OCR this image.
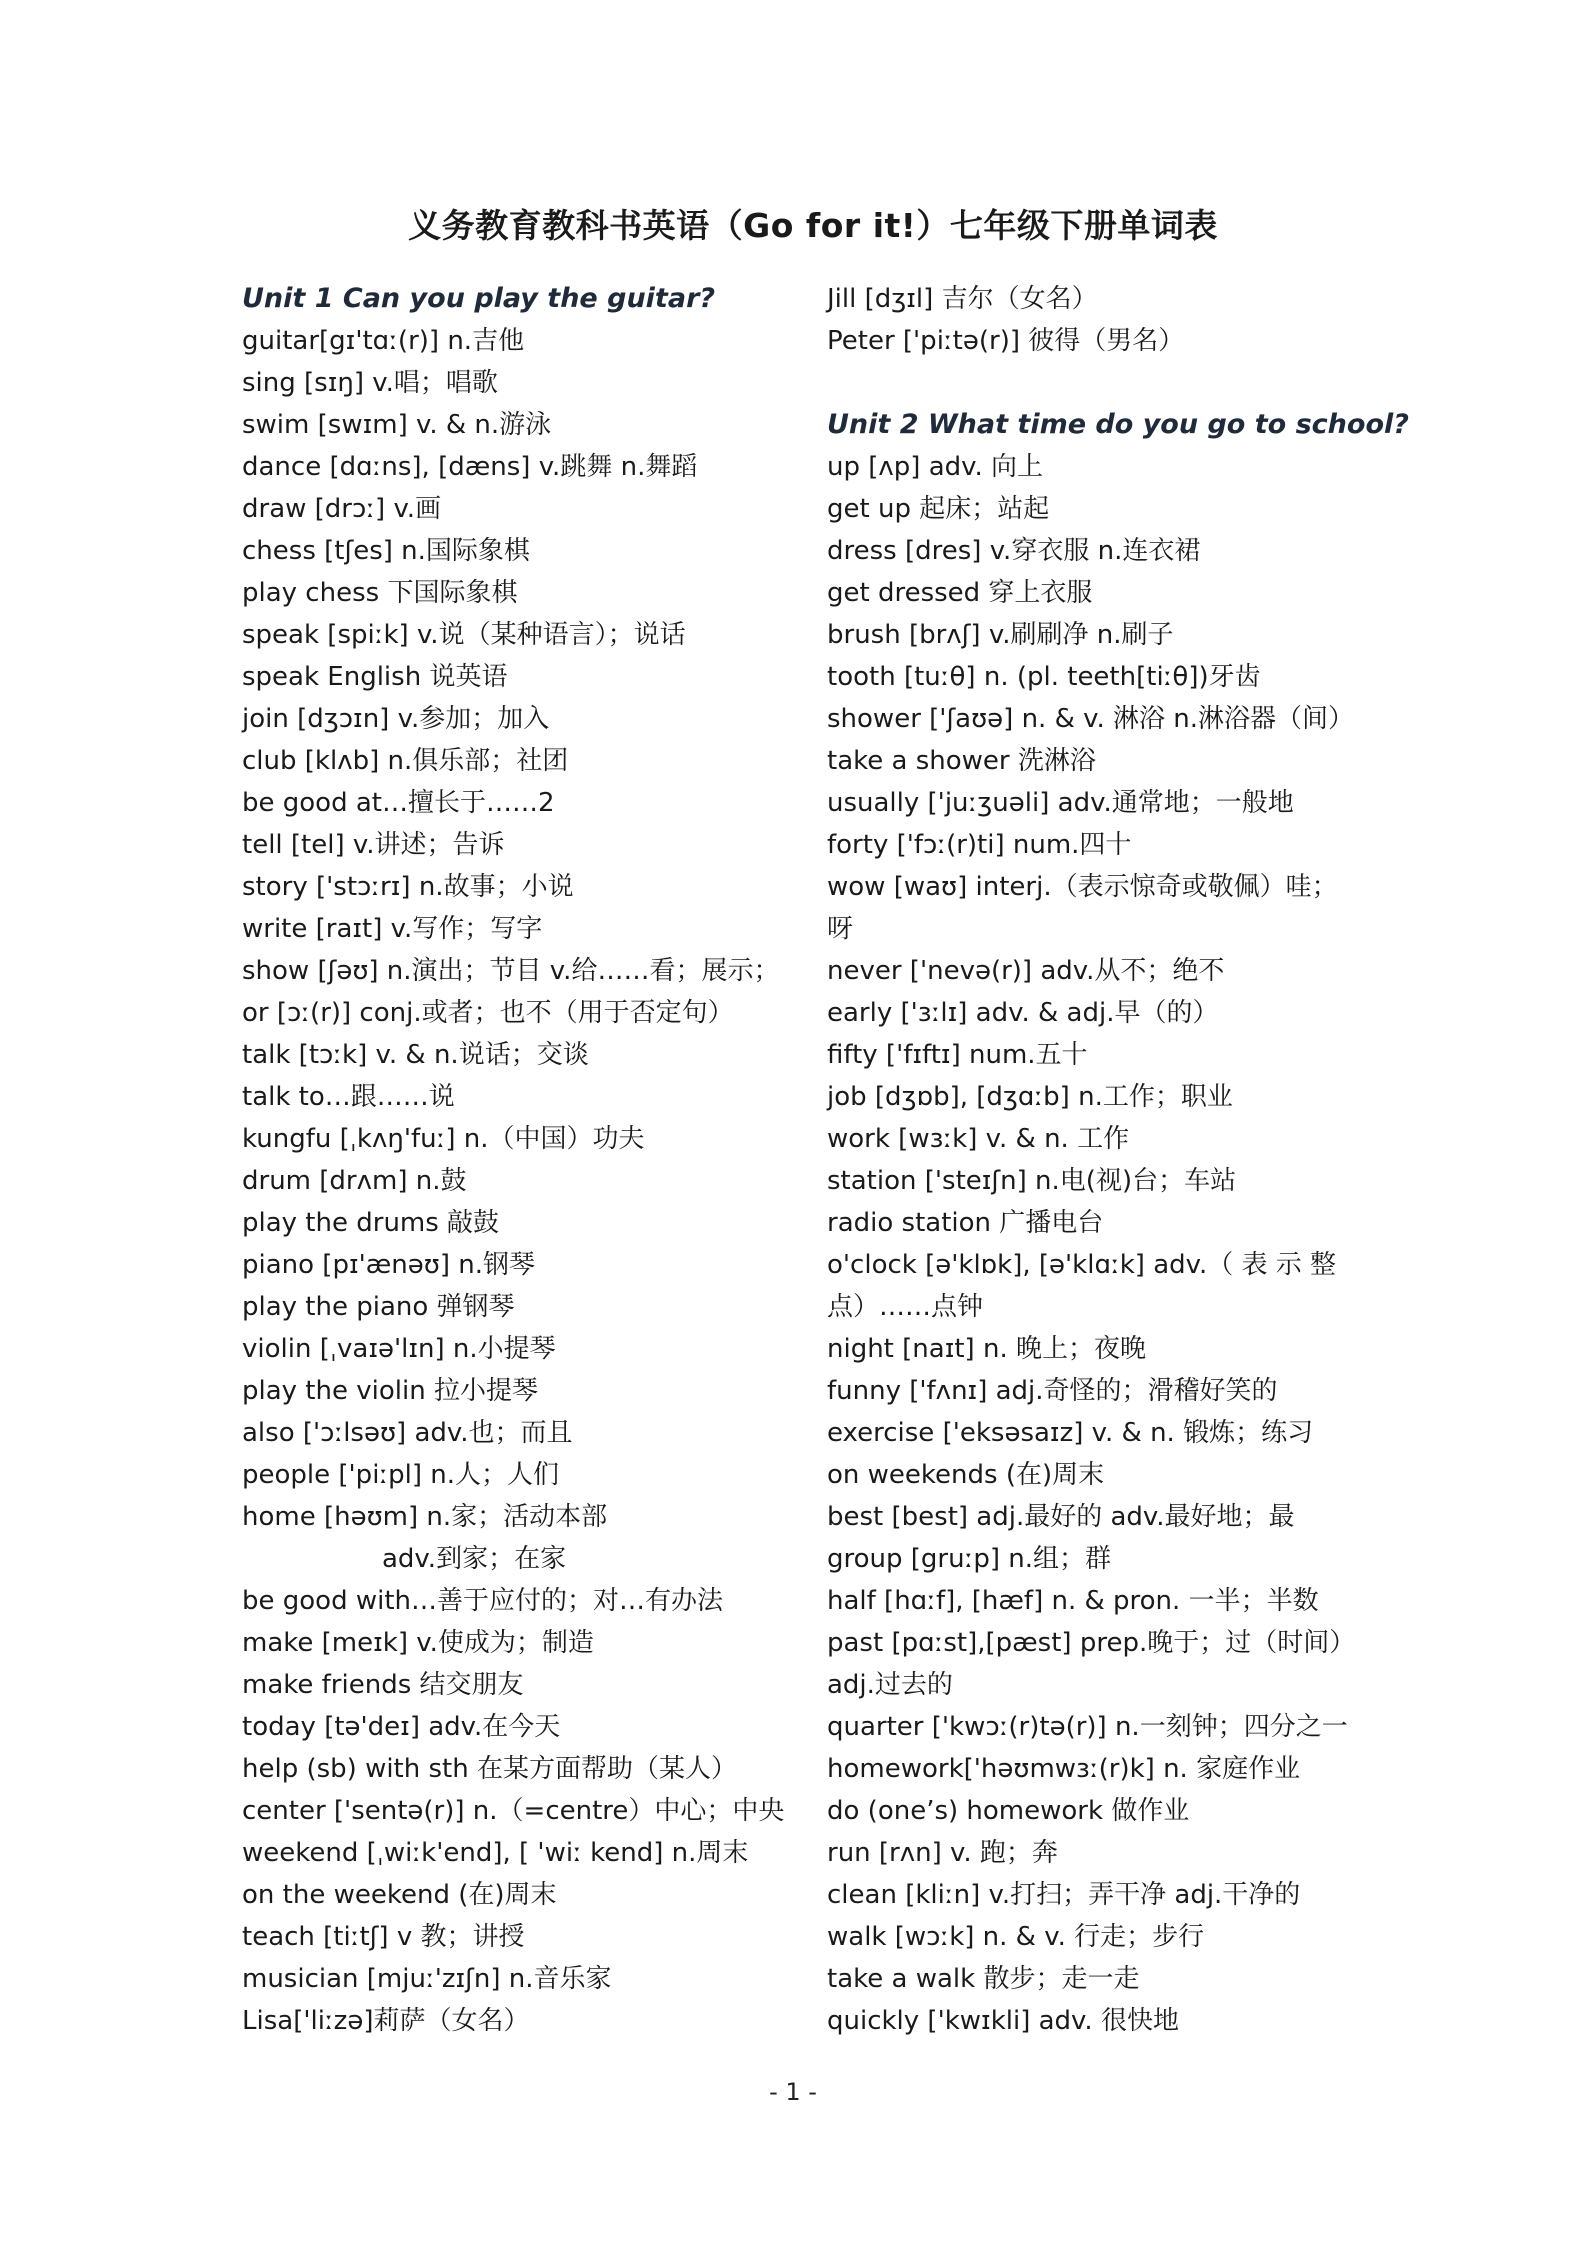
义务教育教科书英语（Go for it!）七年级下册单词表
Unit 1 Can you play the guitar?
guitar[gɪ'tɑː(r)] n.吉他
sing [sɪŋ] v.唱；唱歌
swim [swɪm] v. & n.游泳
dance [dɑːns], [dæns] v.跳舞 n.舞蹈
draw [drɔː] v.画
chess [tʃes] n.国际象棋
play chess 下国际象棋
speak [spiːk] v.说（某种语言）；说话
speak English 说英语
join [dʒɔɪn] v.参加；加入
club [klʌb] n.俱乐部；社团
be good at…擅长于……2
tell [tel] v.讲述；告诉
story ['stɔːrɪ] n.故事；小说
write [raɪt] v.写作；写字
show [ʃəʊ] n.演出；节目 v.给……看；展示；
or [ɔː(r)] conj.或者；也不（用于否定句）
talk [tɔːk] v. & n.说话；交谈
talk to…跟……说
kungfu [ˌkʌŋ'fuː] n.（中国）功夫
drum [drʌm] n.鼓
play the drums 敲鼓
piano [pɪ'ænəʊ] n.钢琴
play the piano 弹钢琴
violin [ˌvaɪə'lɪn] n.小提琴
play the violin 拉小提琴
also ['ɔːlsəʊ] adv.也；而且
people ['piːpl] n.人；人们
home [həʊm] n.家；活动本部
adv.到家；在家
be good with…善于应付的；对…有办法
make [meɪk] v.使成为；制造
make friends 结交朋友
today [tə'deɪ] adv.在今天
help (sb) with sth 在某方面帮助（某人）
center ['sentə(r)] n.（=centre）中心；中央
weekend [ˌwiːk'end], [ 'wiː kend] n.周末
on the weekend (在)周末
teach [tiːtʃ] v 教；讲授
musician [mjuː'zɪʃn] n.音乐家
Lisa['liːzə]莉萨（女名）
Jill [dʒɪl] 吉尔（女名）
Peter ['piːtə(r)] 彼得（男名）
Unit 2 What time do you go to school?
up [ʌp] adv. 向上
get up 起床；站起
dress [dres] v.穿衣服 n.连衣裙
get dressed 穿上衣服
brush [brʌʃ] v.刷刷净 n.刷子
tooth [tuːθ] n. (pl. teeth[tiːθ])牙齿
shower ['ʃaʊə] n. & v. 淋浴 n.淋浴器（间）
take a shower 洗淋浴
usually ['juːʒuəli] adv.通常地；一般地
forty ['fɔː(r)ti] num.四十
wow [waʊ] interj.（表示惊奇或敬佩）哇；
呀
never ['nevə(r)] adv.从不；绝不
early ['ɜːlɪ] adv. & adj.早（的）
fifty ['fɪftɪ] num.五十
job [dʒɒb], [dʒɑːb] n.工作；职业
work [wɜːk] v. & n. 工作
station ['steɪʃn] n.电(视)台；车站
radio station 广播电台
o'clock [ə'klɒk], [ə'klɑːk] adv.（ 表 示 整
点）……点钟
night [naɪt] n. 晚上；夜晚
funny ['fʌnɪ] adj.奇怪的；滑稽好笑的
exercise ['eksəsaɪz] v. & n. 锻炼；练习
on weekends (在)周末
best [best] adj.最好的 adv.最好地；最
group [gruːp] n.组；群
half [hɑːf], [hæf] n. & pron. 一半；半数
past [pɑːst],[pæst] prep.晚于；过（时间）
adj.过去的
quarter ['kwɔː(r)tə(r)] n.一刻钟；四分之一
homework['həʊmwɜː(r)k] n. 家庭作业
do (one’s) homework 做作业
run [rʌn] v. 跑；奔
clean [kliːn] v.打扫；弄干净 adj.干净的
walk [wɔːk] n. & v. 行走；步行
take a walk 散步；走一走
quickly ['kwɪkli] adv. 很快地
- 1 -
